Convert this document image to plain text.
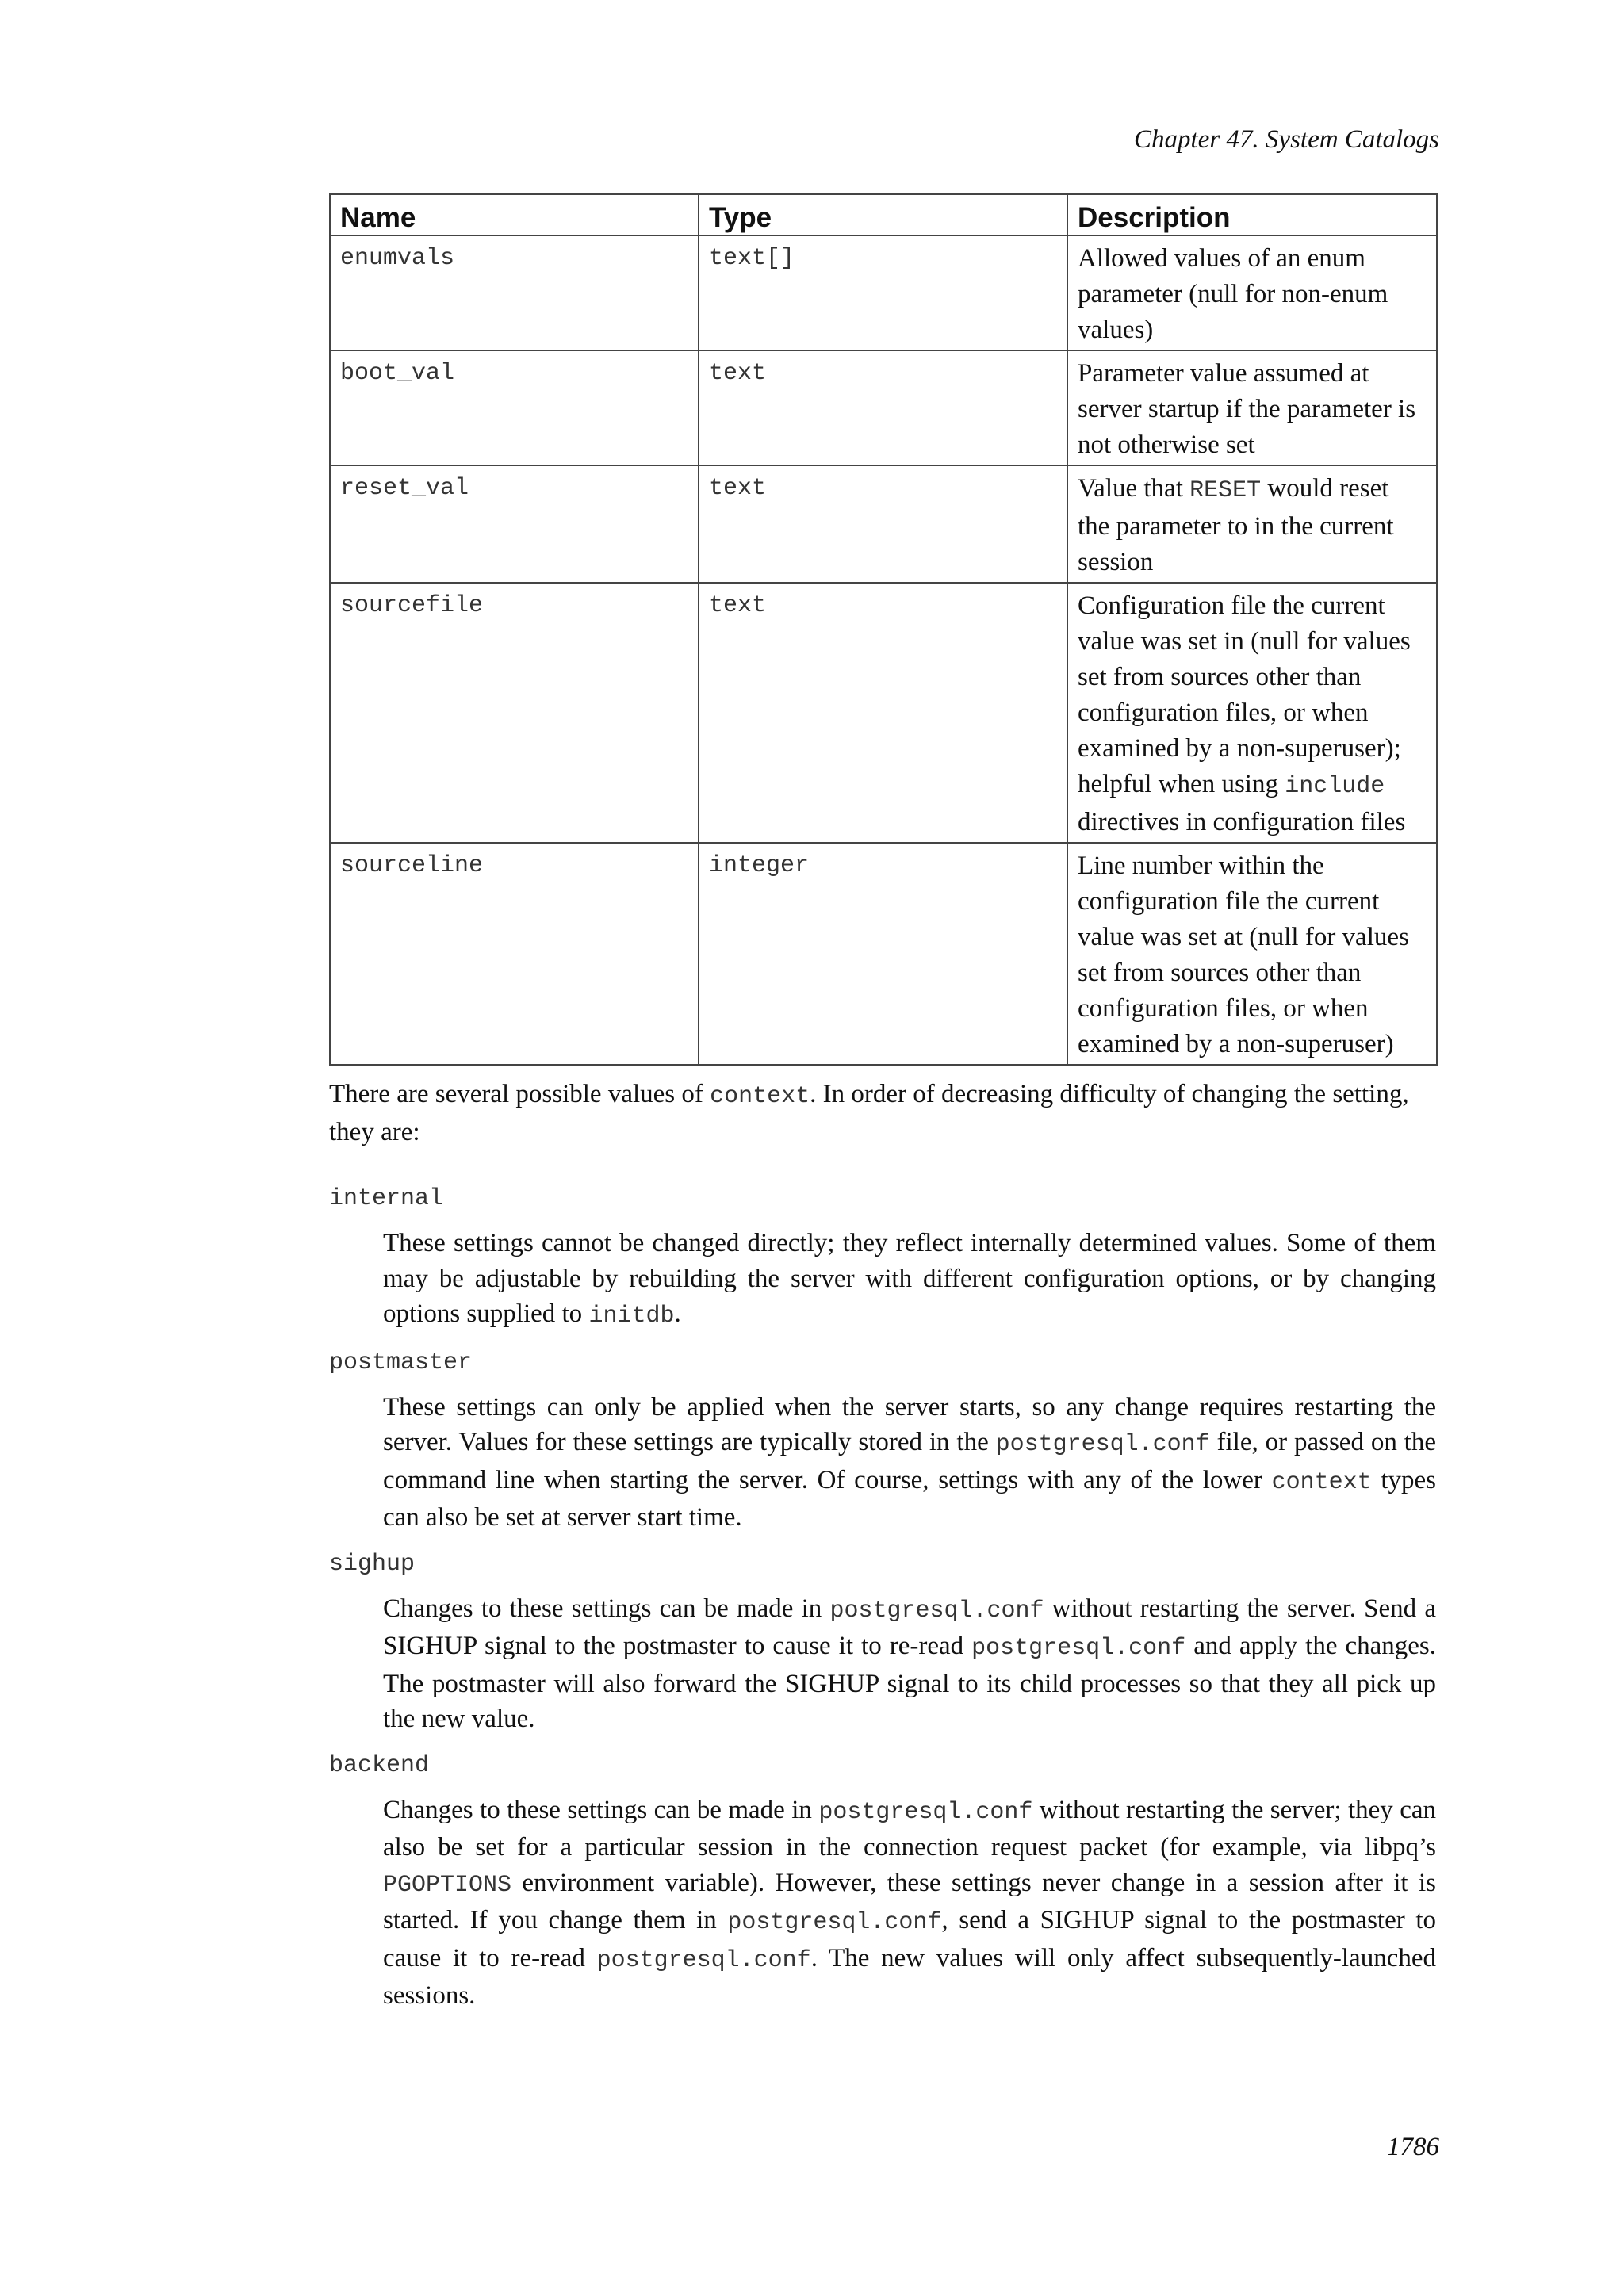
Chapter 47. System Catalogs

Name	Type	Description
enumvals	text[]	Allowed values of an enum parameter (null for non-enum values)
boot_val	text	Parameter value assumed at server startup if the parameter is not otherwise set
reset_val	text	Value that RESET would reset the parameter to in the current session
sourcefile	text	Configuration file the current value was set in (null for values set from sources other than configuration files, or when examined by a non-superuser); helpful when using include directives in configuration files
sourceline	integer	Line number within the configuration file the current value was set at (null for values set from sources other than configuration files, or when examined by a non-superuser)

There are several possible values of context. In order of decreasing difficulty of changing the setting, they are:

internal
These settings cannot be changed directly; they reflect internally determined values. Some of them may be adjustable by rebuilding the server with different configuration options, or by changing options supplied to initdb.
postmaster
These settings can only be applied when the server starts, so any change requires restarting the server. Values for these settings are typically stored in the postgresql.conf file, or passed on the command line when starting the server. Of course, settings with any of the lower context types can also be set at server start time.
sighup
Changes to these settings can be made in postgresql.conf without restarting the server. Send a SIGHUP signal to the postmaster to cause it to re-read postgresql.conf and apply the changes. The postmaster will also forward the SIGHUP signal to its child processes so that they all pick up the new value.
backend
Changes to these settings can be made in postgresql.conf without restarting the server; they can also be set for a particular session in the connection request packet (for example, via libpq’s PGOPTIONS environment variable). However, these settings never change in a session after it is started. If you change them in postgresql.conf, send a SIGHUP signal to the postmaster to cause it to re-read postgresql.conf. The new values will only affect subsequently-launched sessions.

1786
